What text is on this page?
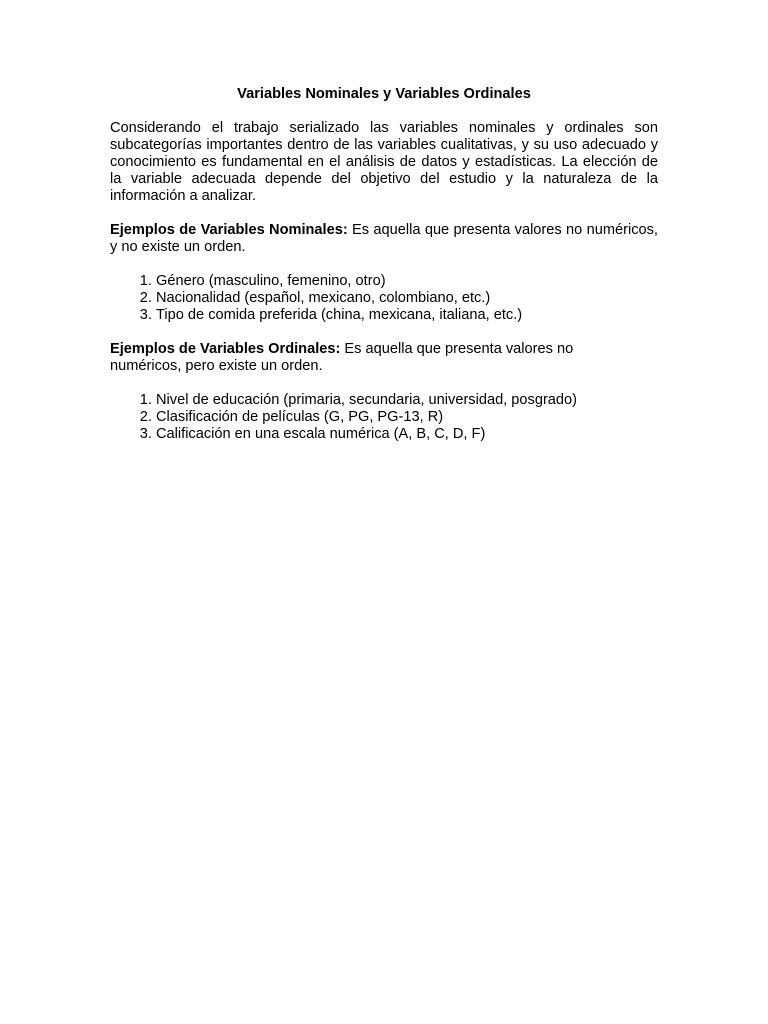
Variables Nominales y Variables Ordinales

Considerando el trabajo serializado las variables nominales y ordinales son subcategorías importantes dentro de las variables cualitativas, y su uso adecuado y conocimiento es fundamental en el análisis de datos y estadísticas. La elección de la variable adecuada depende del objetivo del estudio y la naturaleza de la información a analizar.

Ejemplos de Variables Nominales: Es aquella que presenta valores no numéricos, y no existe un orden.

1. Género (masculino, femenino, otro)
2. Nacionalidad (español, mexicano, colombiano, etc.)
3. Tipo de comida preferida (china, mexicana, italiana, etc.)

Ejemplos de Variables Ordinales: Es aquella que presenta valores no numéricos, pero existe un orden.

1. Nivel de educación (primaria, secundaria, universidad, posgrado)
2. Clasificación de películas (G, PG, PG-13, R)
3. Calificación en una escala numérica (A, B, C, D, F)
